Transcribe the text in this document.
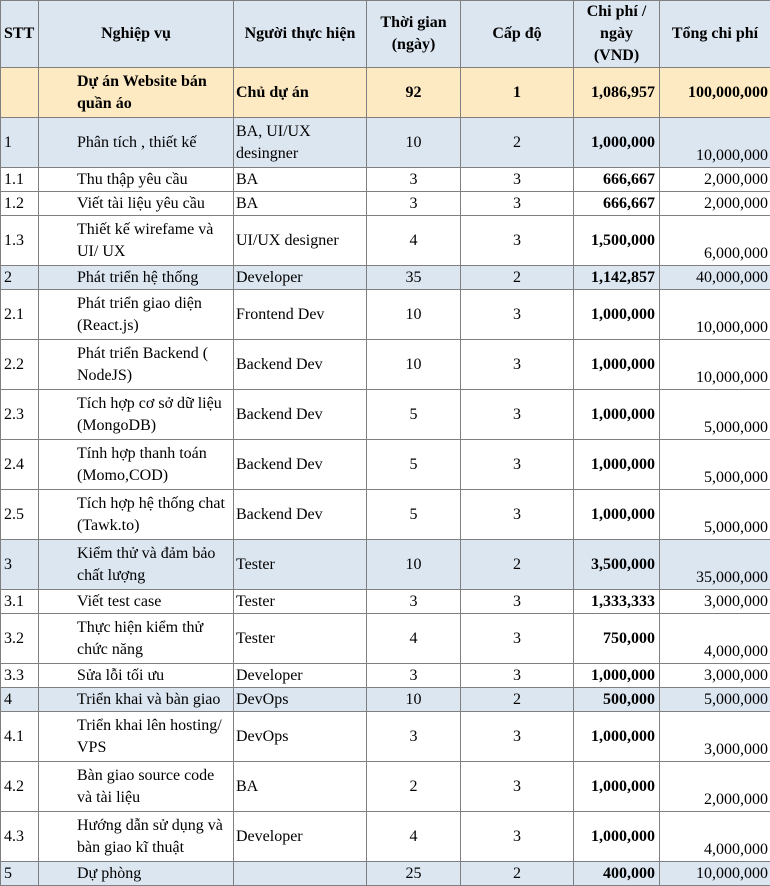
STT	Nghiệp vụ	Người thực hiện	Thời gian (ngày)	Cấp độ	Chi phí / ngày (VND)	Tổng chi phí
	Dự án Website bán quần áo	Chủ dự án	92	1	1,086,957	100,000,000
1	Phân tích , thiết kế	BA, UI/UX desingner	10	2	1,000,000	10,000,000
1.1	Thu thập yêu cầu	BA	3	3	666,667	2,000,000
1.2	Viết tài liệu yêu cầu	BA	3	3	666,667	2,000,000
1.3	Thiết kế wirefame và UI/ UX	UI/UX designer	4	3	1,500,000	6,000,000
2	Phát triển hệ thống	Developer	35	2	1,142,857	40,000,000
2.1	Phát triển giao diện (React.js)	Frontend Dev	10	3	1,000,000	10,000,000
2.2	Phát triển Backend ( NodeJS)	Backend Dev	10	3	1,000,000	10,000,000
2.3	Tích hợp cơ sở dữ liệu (MongoDB)	Backend Dev	5	3	1,000,000	5,000,000
2.4	Tính hợp thanh toán (Momo,COD)	Backend Dev	5	3	1,000,000	5,000,000
2.5	Tích hợp hệ thống chat (Tawk.to)	Backend Dev	5	3	1,000,000	5,000,000
3	Kiểm thử và đảm bảo chất lượng	Tester	10	2	3,500,000	35,000,000
3.1	Viết test case	Tester	3	3	1,333,333	3,000,000
3.2	Thực hiện kiểm thử chức năng	Tester	4	3	750,000	4,000,000
3.3	Sửa lỗi tối ưu	Developer	3	3	1,000,000	3,000,000
4	Triển khai và bàn giao	DevOps	10	2	500,000	5,000,000
4.1	Triển khai lên hosting/ VPS	DevOps	3	3	1,000,000	3,000,000
4.2	Bàn giao source code và tài liệu	BA	2	3	1,000,000	2,000,000
4.3	Hướng dẫn sử dụng và bàn giao kĩ thuật	Developer	4	3	1,000,000	4,000,000
5	Dự phòng		25	2	400,000	10,000,000
